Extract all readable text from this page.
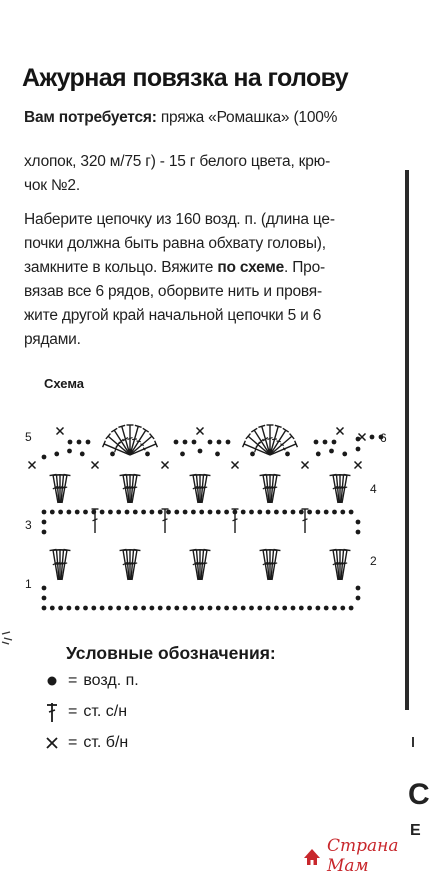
Ажурная повязка на голову
Вам потребуется: пряжа «Ромашка» (100%
хлопок, 320 м/75 г) - 15 г белого цвета, крю-
чок №2.
Наберите цепочку из 160 возд. п. (длина це-
почки должна быть равна обхвату головы),
замкните в кольцо. Вяжите по схеме. Про-
вязав все 6 рядов, оборвите нить и провя-
жите другой край начальной цепочки 5 и 6
рядами.
Схема
5
3
1
6
4
2
Условные обозначения:
= возд. п.
= ст. с/н
= ст. б/н
С
Е
Страна Мам
